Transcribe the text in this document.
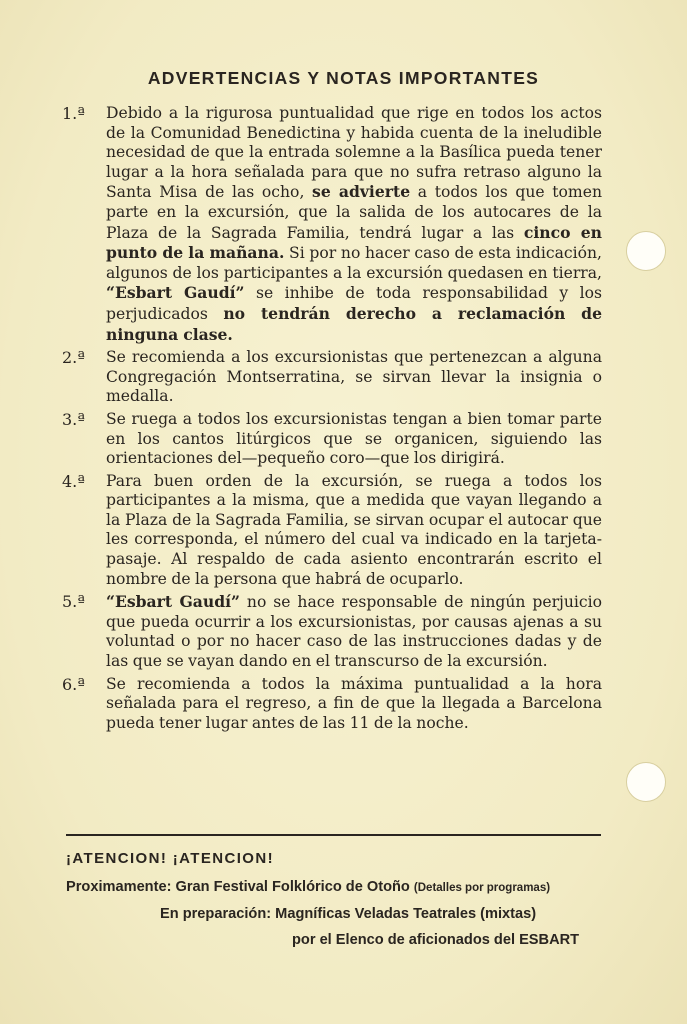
ADVERTENCIAS Y NOTAS IMPORTANTES
1.ª	Debido a la rigurosa puntualidad que rige en todos los actos de la Comunidad Benedictina y habida cuenta de la ineludible necesidad de que la entrada solemne a la Basílica pueda tener lugar a la hora señalada para que no sufra retraso alguno la Santa Misa de las ocho, se advierte a todos los que tomen parte en la excursión, que la salida de los autocares de la Plaza de la Sagrada Familia, tendrá lugar a las cinco en punto de la mañana. Si por no hacer caso de esta indicación, algunos de los participantes a la excursión quedasen en tierra, “Esbart Gaudí” se inhibe de toda responsabilidad y los perjudicados no tendrán derecho a reclamación de ninguna clase.
2.ª	Se recomienda a los excursionistas que pertenezcan a alguna Congregación Montserratina, se sirvan llevar la insignia o medalla.
3.ª	Se ruega a todos los excursionistas tengan a bien tomar parte en los cantos litúrgicos que se organicen, siguiendo las orientaciones del—pequeño coro—que los dirigirá.
4.ª	Para buen orden de la excursión, se ruega a todos los participantes a la misma, que a medida que vayan llegando a la Plaza de la Sagrada Familia, se sirvan ocupar el autocar que les corresponda, el número del cual va indicado en la tarjeta-pasaje. Al respaldo de cada asiento encontrarán escrito el nombre de la persona que habrá de ocuparlo.
5.ª	“Esbart Gaudí” no se hace responsable de ningún perjuicio que pueda ocurrir a los excursionistas, por causas ajenas a su voluntad o por no hacer caso de las instrucciones dadas y de las que se vayan dando en el transcurso de la excursión.
6.ª	Se recomienda a todos la máxima puntualidad a la hora señalada para el regreso, a fin de que la llegada a Barcelona pueda tener lugar antes de las 11 de la noche.
¡ATENCION! ¡ATENCION!
Proximamente: Gran Festival Folklórico de Otoño (Detalles por programas)
En preparación: Magníficas Veladas Teatrales (mixtas)
por el Elenco de aficionados del ESBART
